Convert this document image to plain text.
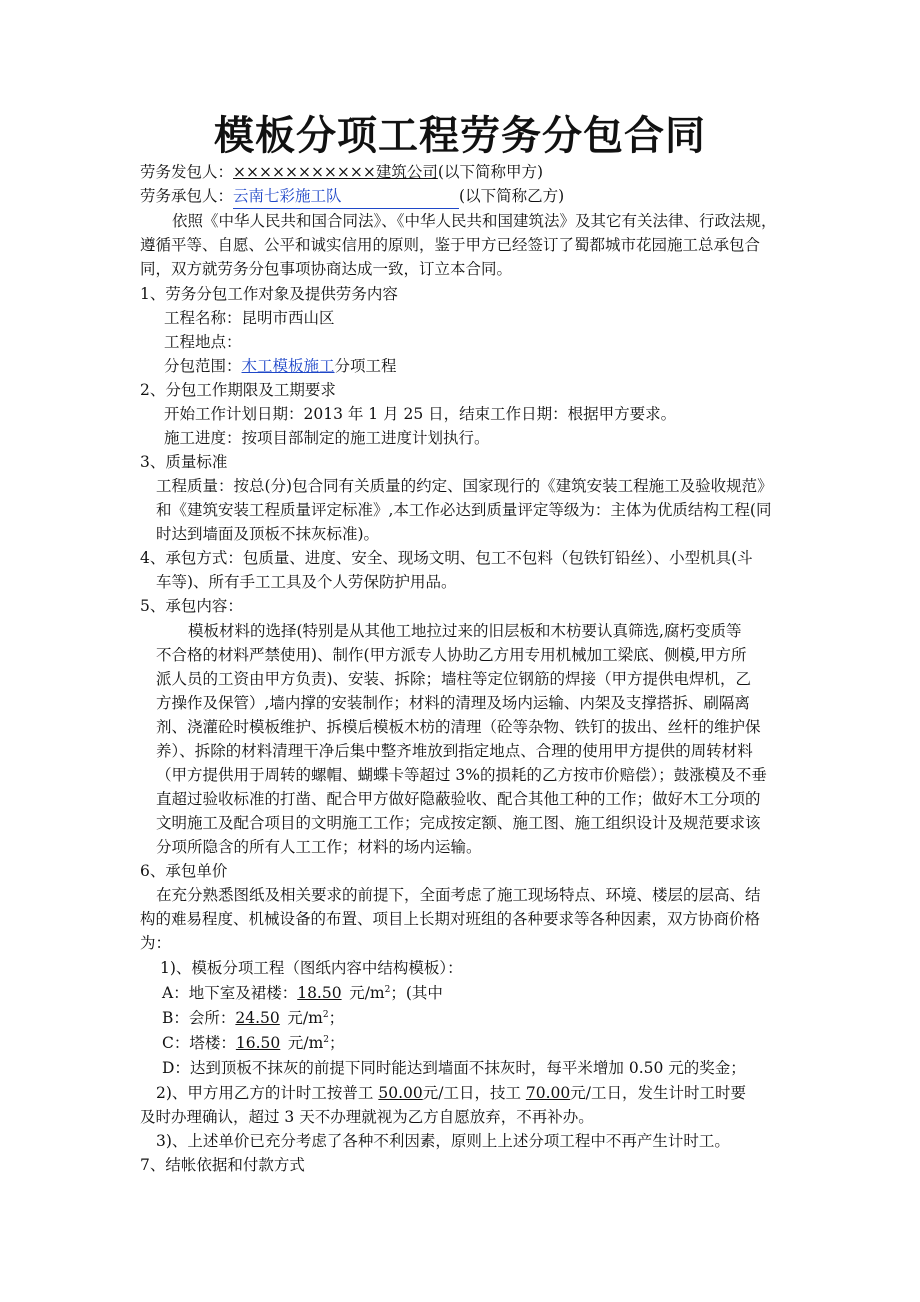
模板分项工程劳务分包合同
劳务发包人：×××××××××××建筑公司(以下简称甲方)
劳务承包人：云南七彩施工队	(以下简称乙方)
依照《中华人民共和国合同法》、《中华人民共和国建筑法》及其它有关法律、行政法规，
遵循平等、自愿、公平和诚实信用的原则，鉴于甲方已经签订了蜀都城市花园施工总承包合
同，双方就劳务分包事项协商达成一致，订立本合同。
1、劳务分包工作对象及提供劳务内容
工程名称：昆明市西山区
工程地点：
分包范围：木工模板施工分项工程
2、分包工作期限及工期要求
开始工作计划日期：2013 年 1 月 25 日，结束工作日期：根据甲方要求。
施工进度：按项目部制定的施工进度计划执行。
3、质量标准
工程质量：按总(分)包合同有关质量的约定、国家现行的《建筑安装工程施工及验收规范》
和《建筑安装工程质量评定标准》,本工作必达到质量评定等级为：主体为优质结构工程(同
时达到墙面及顶板不抹灰标准)。
4、承包方式：包质量、进度、安全、现场文明、包工不包料（包铁钉铅丝）、小型机具(斗
车等)、所有手工工具及个人劳保防护用品。
5、承包内容：
模板材料的选择(特别是从其他工地拉过来的旧层板和木枋要认真筛选,腐朽变质等
不合格的材料严禁使用)、制作(甲方派专人协助乙方用专用机械加工梁底、侧模,甲方所
派人员的工资由甲方负责)、安装、拆除；墙柱等定位钢筋的焊接（甲方提供电焊机，乙
方操作及保管）,墙内撑的安装制作；材料的清理及场内运输、内架及支撑搭拆、刷隔离
剂、浇灌砼时模板维护、拆模后模板木枋的清理（砼等杂物、铁钉的拔出、丝杆的维护保
养）、拆除的材料清理干净后集中整齐堆放到指定地点、合理的使用甲方提供的周转材料
（甲方提供用于周转的螺帽、蝴蝶卡等超过 3%的损耗的乙方按市价赔偿）；鼓涨模及不垂
直超过验收标准的打凿、配合甲方做好隐蔽验收、配合其他工种的工作；做好木工分项的
文明施工及配合项目的文明施工工作；完成按定额、施工图、施工组织设计及规范要求该
分项所隐含的所有人工工作；材料的场内运输。
6、承包单价
在充分熟悉图纸及相关要求的前提下，全面考虑了施工现场特点、环境、楼层的层高、结
构的难易程度、机械设备的布置、项目上长期对班组的各种要求等各种因素，双方协商价格
为：
1)、模板分项工程（图纸内容中结构模板）：
A：地下室及裙楼：18.50 元$/m^2$；(其中
B：会所：24.50 元$/m^2$；
C：塔楼：16.50 元$/m^2$；
D：达到顶板不抹灰的前提下同时能达到墙面不抹灰时，每平米增加 0.50 元的奖金；
2)、甲方用乙方的计时工按普工 50.00元/工日，技工 70.00元/工日，发生计时工时要
及时办理确认，超过 3 天不办理就视为乙方自愿放弃，不再补办。
3)、上述单价已充分考虑了各种不利因素，原则上上述分项工程中不再产生计时工。
7、结帐依据和付款方式
